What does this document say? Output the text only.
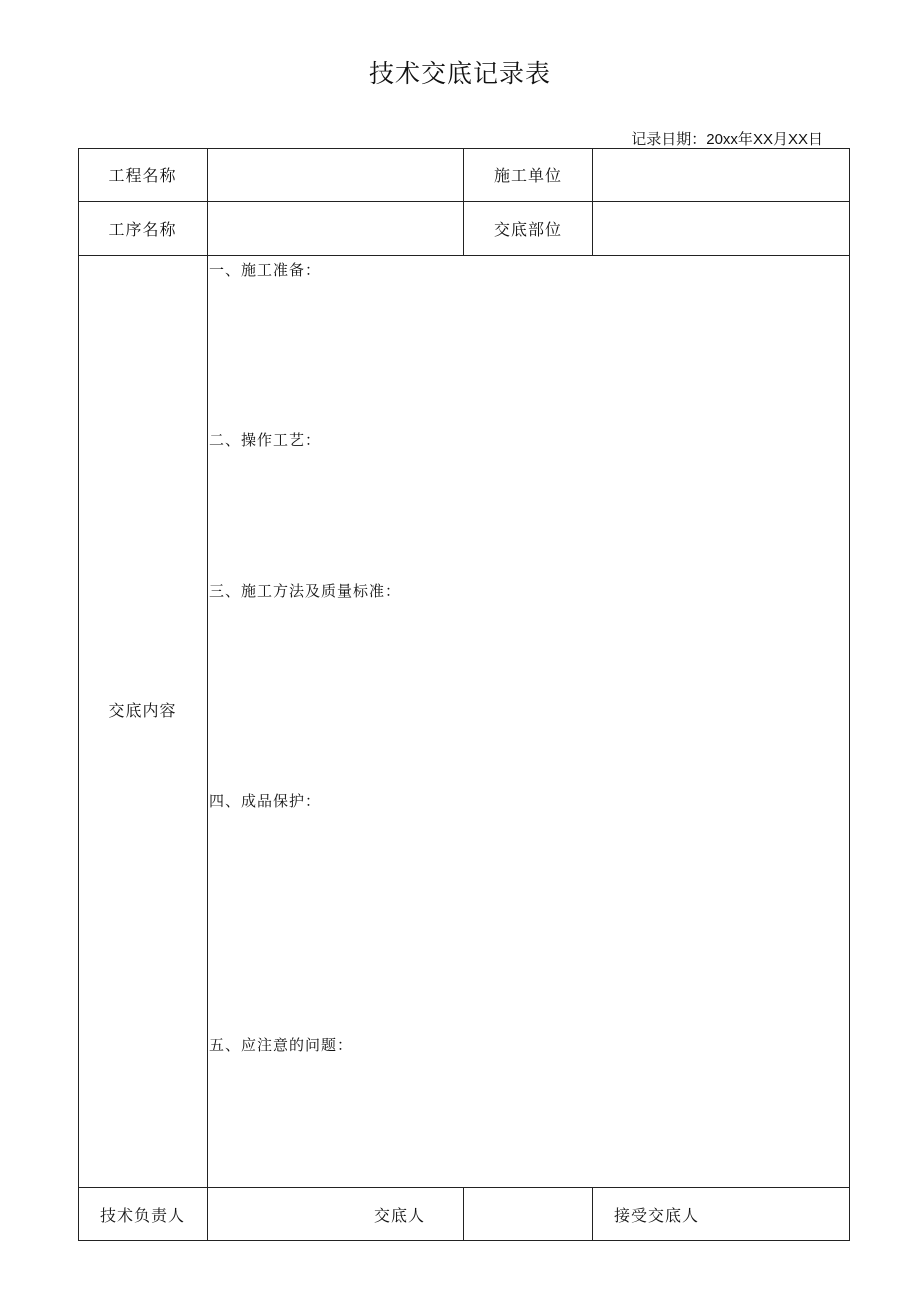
技术交底记录表
记录日期：20xx年XX月XX日
工程名称	施工单位
工序名称	交底部位
交底内容
一、施工准备：
二、操作工艺：
三、施工方法及质量标准：
四、成品保护：
五、应注意的问题：
技术负责人	交底人	接受交底人
